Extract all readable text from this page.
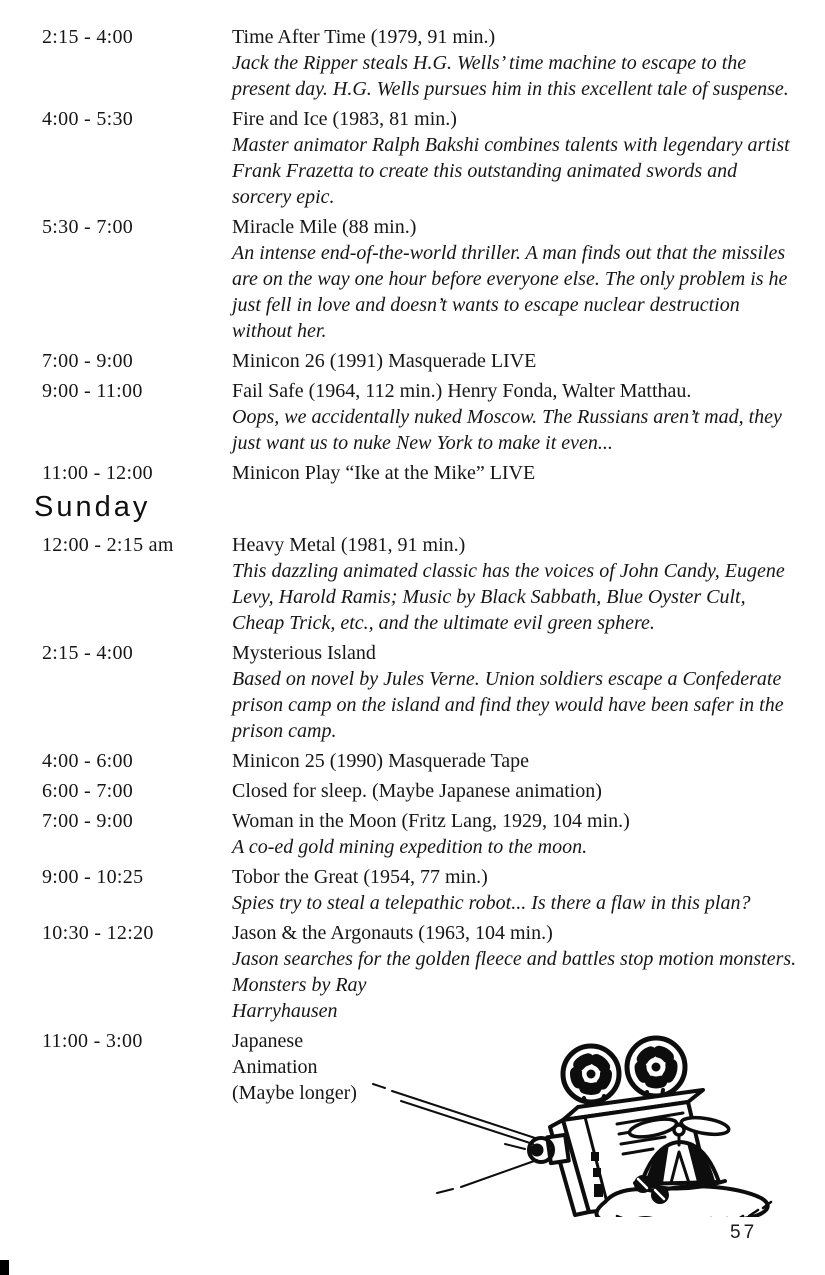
2:15 - 4:00	Time After Time (1979, 91 min.)
Jack the Ripper steals H.G. Wells’ time machine to escape to the present day. H.G. Wells pursues him in this excellent tale of suspense.
4:00 - 5:30	Fire and Ice (1983, 81 min.)
Master animator Ralph Bakshi combines talents with legendary artist Frank Frazetta to create this outstanding animated swords and sorcery epic.
5:30 - 7:00	Miracle Mile (88 min.)
An intense end-of-the-world thriller. A man finds out that the missiles are on the way one hour before everyone else. The only problem is he just fell in love and doesn’t wants to escape nuclear destruction without her.
7:00 - 9:00	Minicon 26 (1991) Masquerade LIVE
9:00 - 11:00	Fail Safe (1964, 112 min.) Henry Fonda, Walter Matthau.
Oops, we accidentally nuked Moscow. The Russians aren’t mad, they just want us to nuke New York to make it even...
11:00 - 12:00	Minicon Play “Ike at the Mike” LIVE
Sunday
12:00 - 2:15 am	Heavy Metal (1981, 91 min.)
This dazzling animated classic has the voices of John Candy, Eugene Levy, Harold Ramis; Music by Black Sabbath, Blue Oyster Cult, Cheap Trick, etc., and the ultimate evil green sphere.
2:15 - 4:00	Mysterious Island
Based on novel by Jules Verne. Union soldiers escape a Confederate prison camp on the island and find they would have been safer in the prison camp.
4:00 - 6:00	Minicon 25 (1990) Masquerade Tape
6:00 - 7:00	Closed for sleep. (Maybe Japanese animation)
7:00 - 9:00	Woman in the Moon (Fritz Lang, 1929, 104 min.)
A co-ed gold mining expedition to the moon.
9:00 - 10:25	Tobor the Great (1954, 77 min.)
Spies try to steal a telepathic robot... Is there a flaw in this plan?
10:30 - 12:20	Jason & the Argonauts (1963, 104 min.)
Jason searches for the golden fleece and battles stop motion monsters.
Monsters by Ray
Harryhausen
11:00 - 3:00	Japanese
Animation
(Maybe longer)
57
